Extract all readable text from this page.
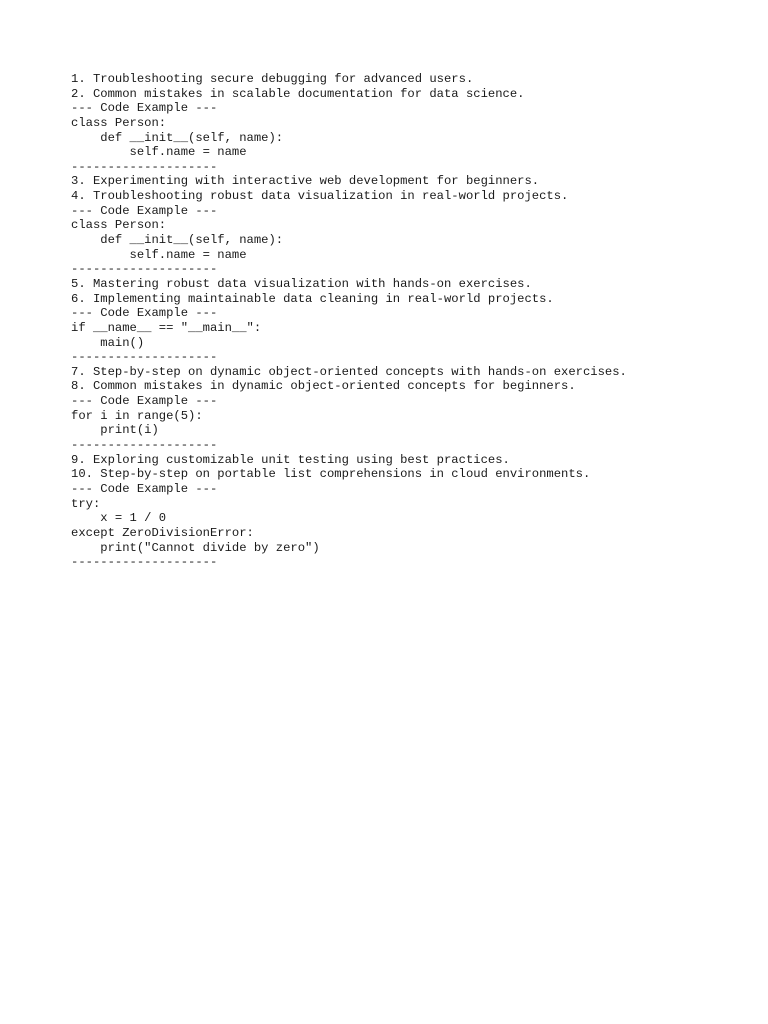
1. Troubleshooting secure debugging for advanced users.
2. Common mistakes in scalable documentation for data science.
--- Code Example ---
class Person:
def __init__(self, name):
self.name = name
--------------------
3. Experimenting with interactive web development for beginners.
4. Troubleshooting robust data visualization in real-world projects.
--- Code Example ---
class Person:
def __init__(self, name):
self.name = name
--------------------
5. Mastering robust data visualization with hands-on exercises.
6. Implementing maintainable data cleaning in real-world projects.
--- Code Example ---
if __name__ == "__main__":
main()
--------------------
7. Step-by-step on dynamic object-oriented concepts with hands-on exercises.
8. Common mistakes in dynamic object-oriented concepts for beginners.
--- Code Example ---
for i in range(5):
print(i)
--------------------
9. Exploring customizable unit testing using best practices.
10. Step-by-step on portable list comprehensions in cloud environments.
--- Code Example ---
try:
x = 1 / 0
except ZeroDivisionError:
print("Cannot divide by zero")
--------------------
